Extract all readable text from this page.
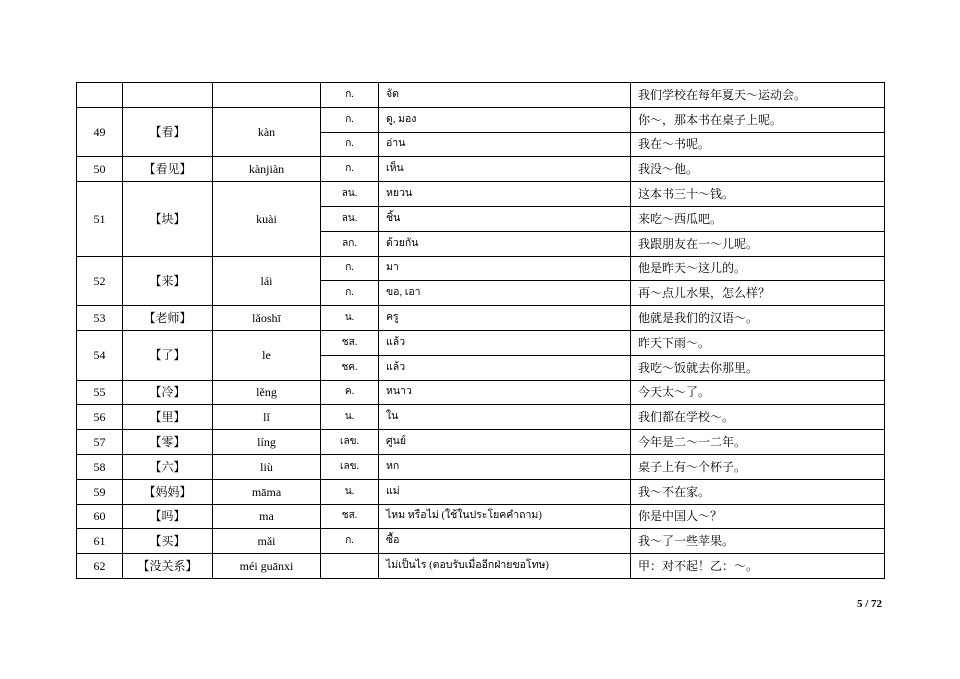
			ก.	จัด	我们学校在每年夏天～运动会。
49	【看】	kàn	ก.	ดู, มอง	你～，那本书在桌子上呢。
			ก.	อ่าน	我在～书呢。
50	【看见】	kànjiàn	ก.	เห็น	我没～他。
51	【块】	kuài	ลน.	หยวน	这本书三十～钱。
			ลน.	ชิ้น	来吃～西瓜吧。
			ลก.	ด้วยกัน	我跟朋友在一～儿呢。
52	【来】	lái	ก.	มา	他是昨天～这儿的。
			ก.	ขอ, เอา	再～点儿水果，怎么样？
53	【老师】	lǎoshī	น.	ครู	他就是我们的汉语～。
54	【了】	le	ชส.	แล้ว	昨天下雨～。
			ชค.	แล้ว	我吃～饭就去你那里。
55	【冷】	lěng	ค.	หนาว	今天太～了。
56	【里】	lǐ	น.	ใน	我们都在学校～。
57	【零】	líng	เลข.	ศูนย์	今年是二～一二年。
58	【六】	liù	เลข.	หก	桌子上有～个杯子。
59	【妈妈】	māma	น.	แม่	我～不在家。
60	【吗】	ma	ชส.	ไหม หรือไม่ (ใช้ในประโยคคำถาม)	你是中国人～？
61	【买】	mǎi	ก.	ซื้อ	我～了一些苹果。
62	【没关系】	méi guānxi		ไม่เป็นไร (ตอบรับเมื่ออีกฝ่ายขอโทษ)	甲：对不起！乙：～。
5 / 72
